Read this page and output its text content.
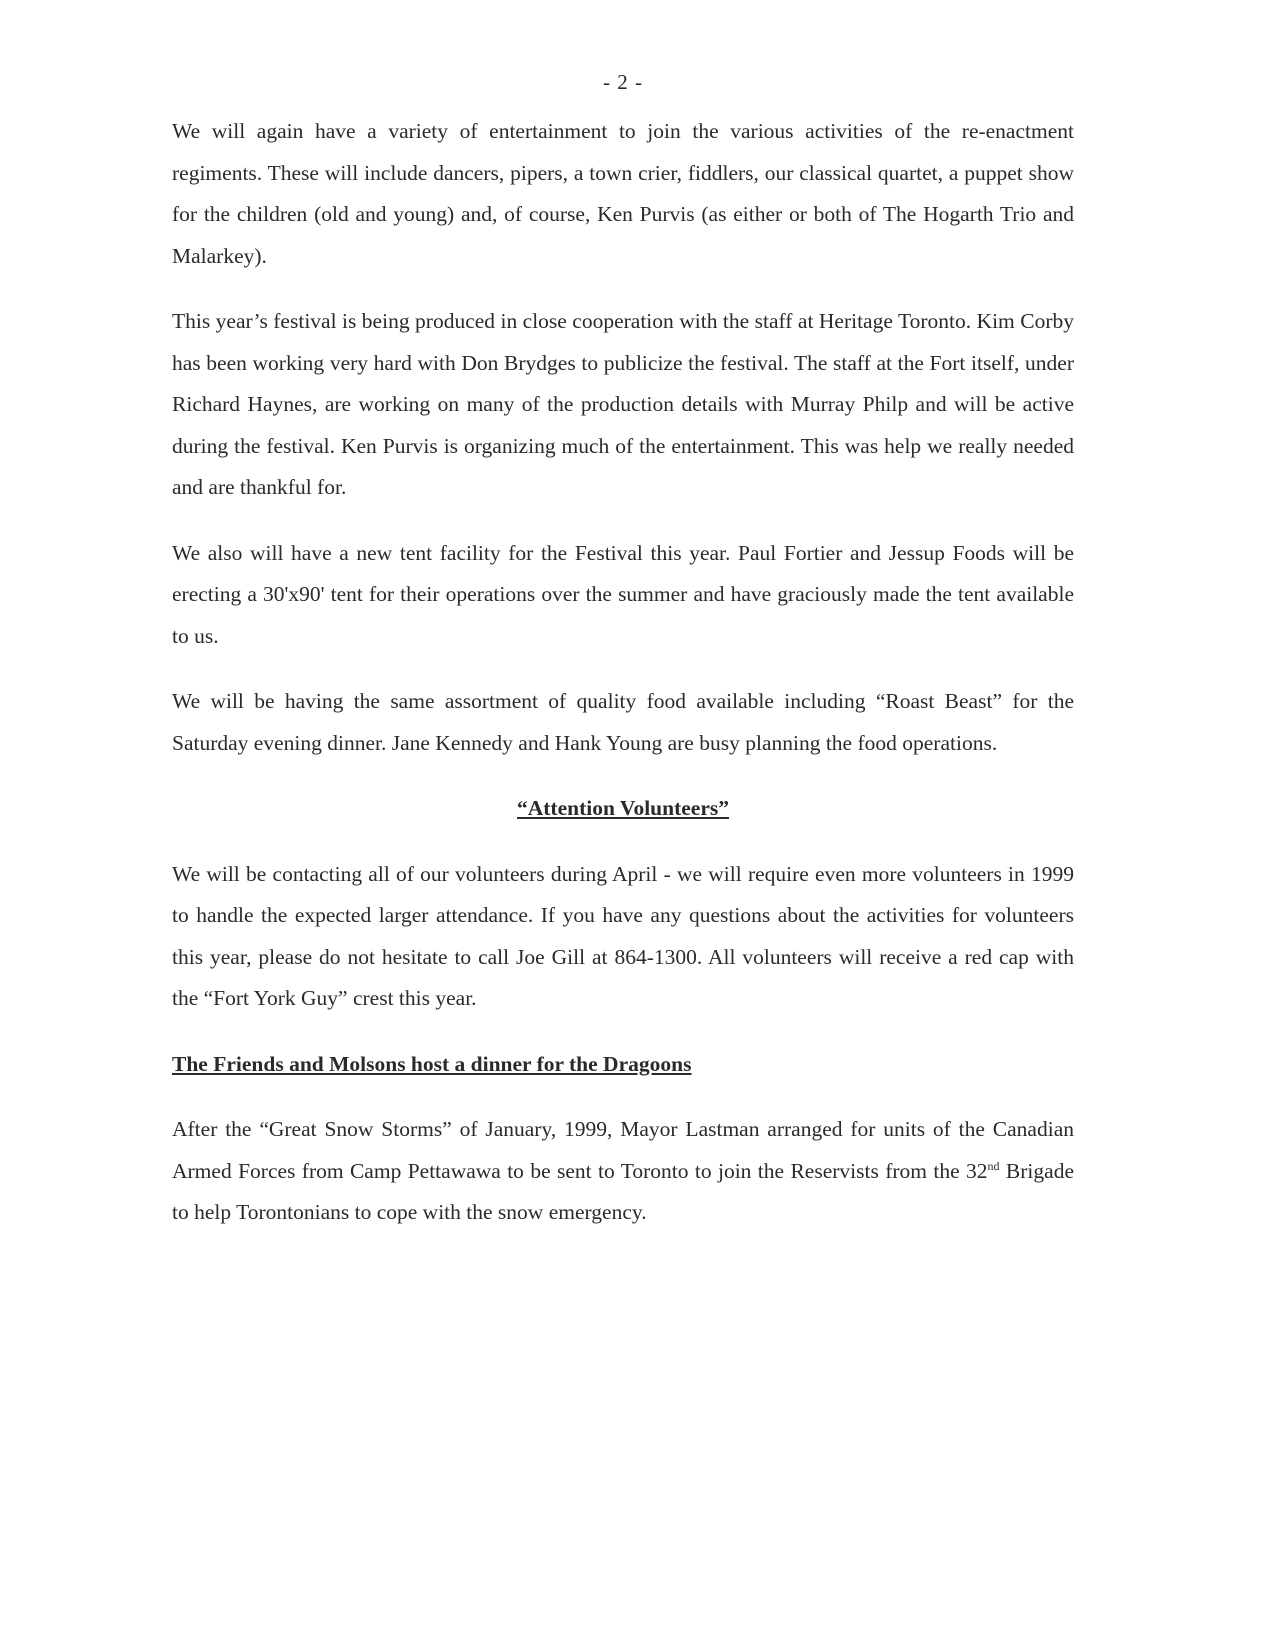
- 2 -

We will again have a variety of entertainment to join the various activities of the re-enactment regiments. These will include dancers, pipers, a town crier, fiddlers, our classical quartet, a puppet show for the children (old and young) and, of course, Ken Purvis (as either or both of The Hogarth Trio and Malarkey).

This year’s festival is being produced in close cooperation with the staff at Heritage Toronto. Kim Corby has been working very hard with Don Brydges to publicize the festival. The staff at the Fort itself, under Richard Haynes, are working on many of the production details with Murray Philp and will be active during the festival. Ken Purvis is organizing much of the entertainment. This was help we really needed and are thankful for.

We also will have a new tent facility for the Festival this year. Paul Fortier and Jessup Foods will be erecting a 30'x90' tent for their operations over the summer and have graciously made the tent available to us.

We will be having the same assortment of quality food available including “Roast Beast” for the Saturday evening dinner. Jane Kennedy and Hank Young are busy planning the food operations.

“Attention Volunteers”

We will be contacting all of our volunteers during April - we will require even more volunteers in 1999 to handle the expected larger attendance. If you have any questions about the activities for volunteers this year, please do not hesitate to call Joe Gill at 864-1300. All volunteers will receive a red cap with the “Fort York Guy” crest this year.

The Friends and Molsons host a dinner for the Dragoons

After the “Great Snow Storms” of January, 1999, Mayor Lastman arranged for units of the Canadian Armed Forces from Camp Pettawawa to be sent to Toronto to join the Reservists from the 32nd Brigade to help Torontonians to cope with the snow emergency.
